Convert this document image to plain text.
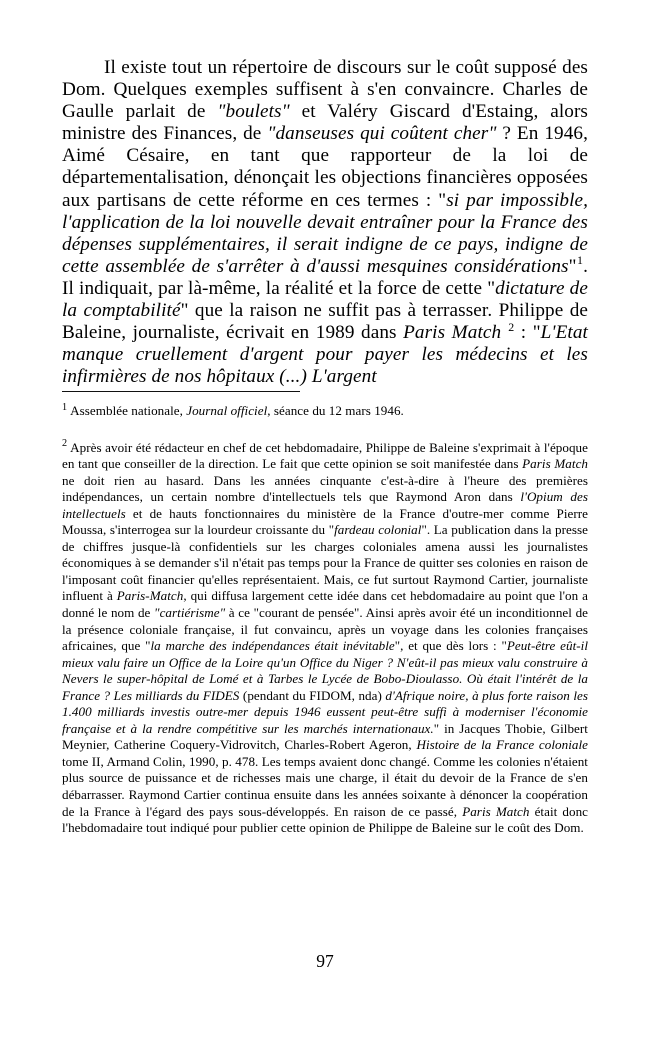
Il existe tout un répertoire de discours sur le coût supposé des Dom. Quelques exemples suffisent à s'en convaincre. Charles de Gaulle parlait de "boulets" et Valéry Giscard d'Estaing, alors ministre des Finances, de "danseuses qui coûtent cher" ? En 1946, Aimé Césaire, en tant que rapporteur de la loi de départementalisation, dénonçait les objections financières opposées aux partisans de cette réforme en ces termes : "si par impossible, l'application de la loi nouvelle devait entraîner pour la France des dépenses supplémentaires, il serait indigne de ce pays, indigne de cette assemblée de s'arrêter à d'aussi mesquines considérations"$^1$. Il indiquait, par là-même, la réalité et la force de cette "dictature de la comptabilité" que la raison ne suffit pas à terrasser. Philippe de Baleine, journaliste, écrivait en 1989 dans Paris Match $^2$ : "L'Etat manque cruellement d'argent pour payer les médecins et les infirmières de nos hôpitaux (...) L'argent

$^1$ Assemblée nationale, Journal officiel, séance du 12 mars 1946.

$^2$ Après avoir été rédacteur en chef de cet hebdomadaire, Philippe de Baleine s'exprimait à l'époque en tant que conseiller de la direction. Le fait que cette opinion se soit manifestée dans Paris Match ne doit rien au hasard. Dans les années cinquante c'est-à-dire à l'heure des premières indépendances, un certain nombre d'intellectuels tels que Raymond Aron dans l'Opium des intellectuels et de hauts fonctionnaires du ministère de la France d'outre-mer comme Pierre Moussa, s'interrogea sur la lourdeur croissante du "fardeau colonial". La publication dans la presse de chiffres jusque-là confidentiels sur les charges coloniales amena aussi les journalistes économiques à se demander s'il n'était pas temps pour la France de quitter ses colonies en raison de l'imposant coût financier qu'elles représentaient. Mais, ce fut surtout Raymond Cartier, journaliste influent à Paris-Match, qui diffusa largement cette idée dans cet hebdomadaire au point que l'on a donné le nom de "cartiérisme" à ce "courant de pensée". Ainsi après avoir été un inconditionnel de la présence coloniale française, il fut convaincu, après un voyage dans les colonies françaises africaines, que "la marche des indépendances était inévitable", et que dès lors : "Peut-être eût-il mieux valu faire un Office de la Loire qu'un Office du Niger ? N'eût-il pas mieux valu construire à Nevers le super-hôpital de Lomé et à Tarbes le Lycée de Bobo-Dioulasso. Où était l'intérêt de la France ? Les milliards du FIDES (pendant du FIDOM, nda) d'Afrique noire, à plus forte raison les 1.400 milliards investis outre-mer depuis 1946 eussent peut-être suffi à moderniser l'économie française et à la rendre compétitive sur les marchés internationaux." in Jacques Thobie, Gilbert Meynier, Catherine Coquery-Vidrovitch, Charles-Robert Ageron, Histoire de la France coloniale tome II, Armand Colin, 1990, p. 478. Les temps avaient donc changé. Comme les colonies n'étaient plus source de puissance et de richesses mais une charge, il était du devoir de la France de s'en débarrasser. Raymond Cartier continua ensuite dans les années soixante à dénoncer la coopération de la France à l'égard des pays sous-développés. En raison de ce passé, Paris Match était donc l'hebdomadaire tout indiqué pour publier cette opinion de Philippe de Baleine sur le coût des Dom.

97
